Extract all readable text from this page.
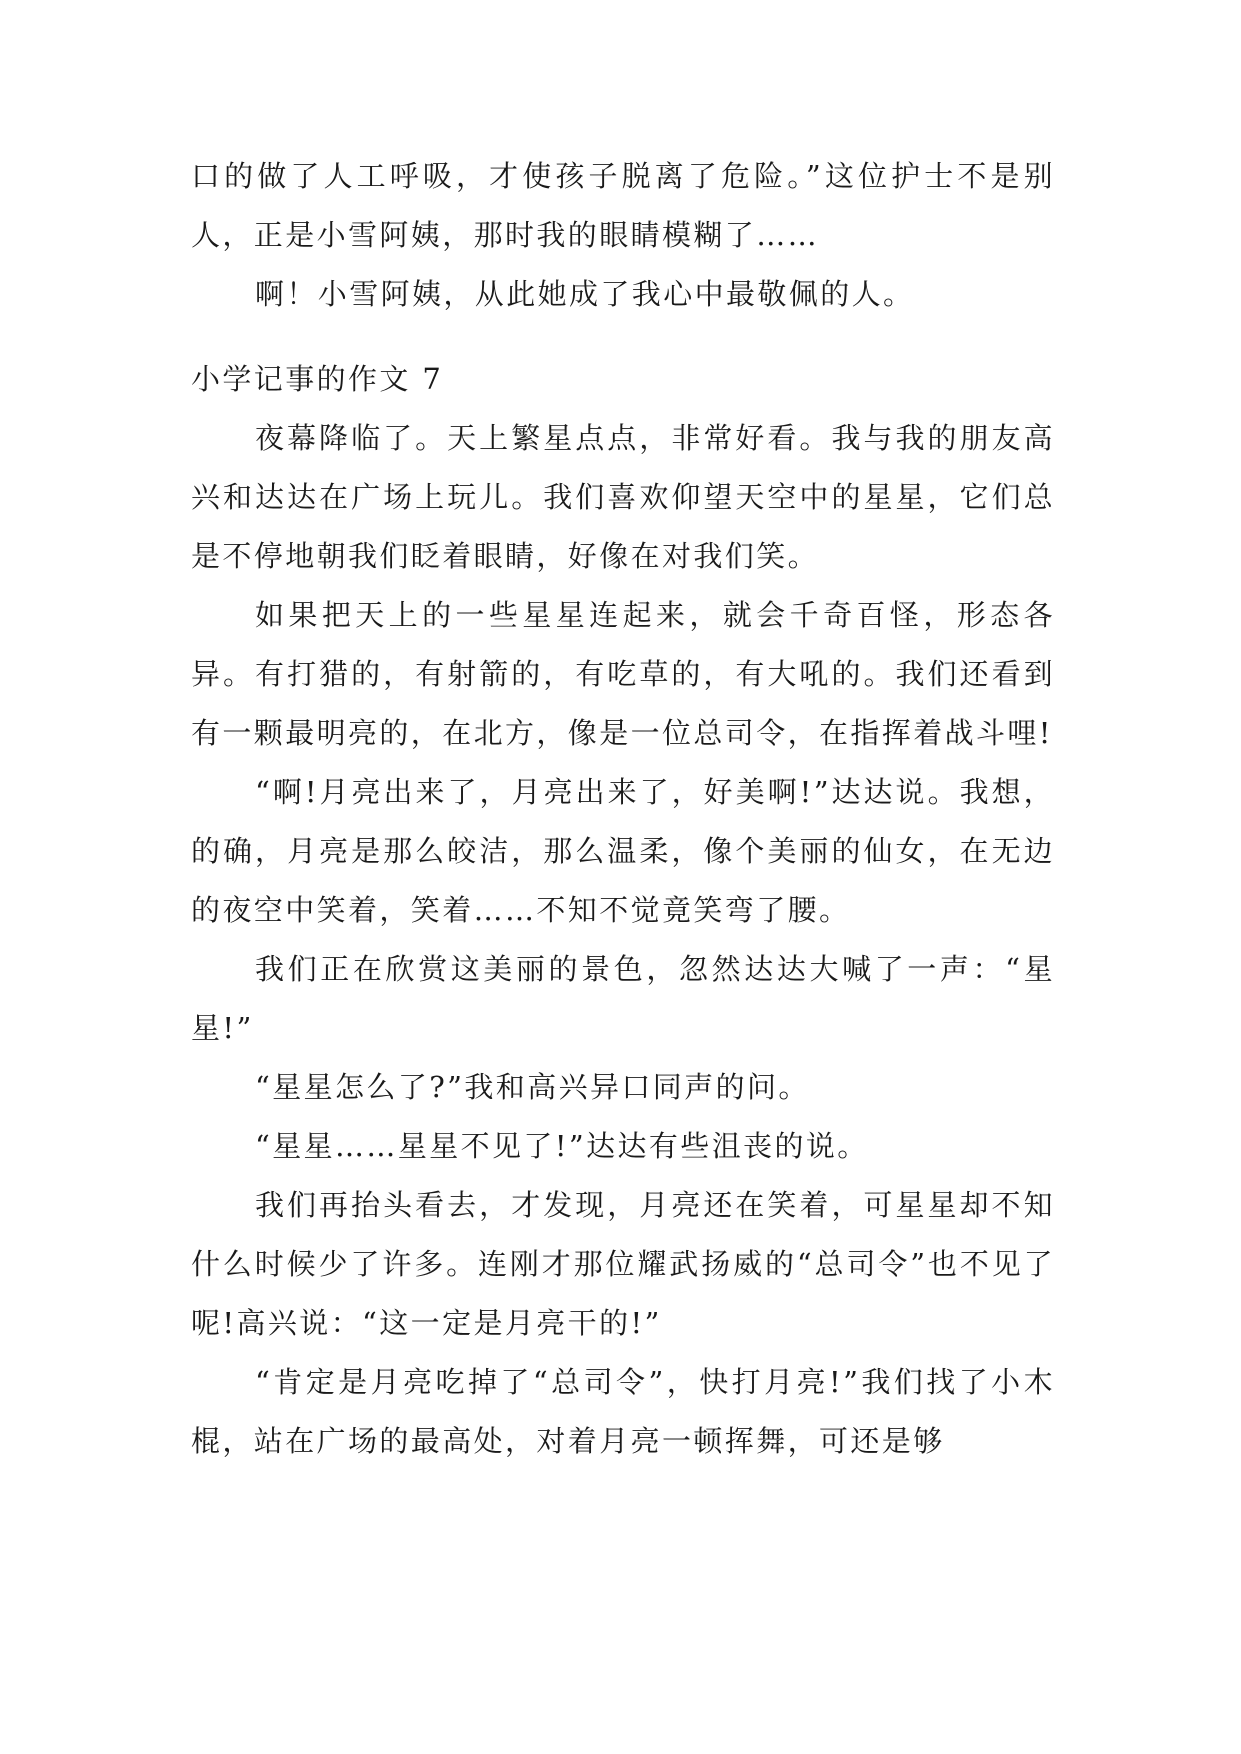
口的做了人工呼吸，才使孩子脱离了危险。”这位护士不是别人，正是小雪阿姨，那时我的眼睛模糊了……

啊！小雪阿姨，从此她成了我心中最敬佩的人。

小学记事的作文 7

夜幕降临了。天上繁星点点，非常好看。我与我的朋友高兴和达达在广场上玩儿。我们喜欢仰望天空中的星星，它们总是不停地朝我们眨着眼睛，好像在对我们笑。

如果把天上的一些星星连起来，就会千奇百怪，形态各异。有打猎的，有射箭的，有吃草的，有大吼的。我们还看到有一颗最明亮的，在北方，像是一位总司令，在指挥着战斗哩!

“啊!月亮出来了，月亮出来了，好美啊!”达达说。我想，的确，月亮是那么皎洁，那么温柔，像个美丽的仙女，在无边的夜空中笑着，笑着……不知不觉竟笑弯了腰。

我们正在欣赏这美丽的景色，忽然达达大喊了一声：“星星!”

“星星怎么了?”我和高兴异口同声的问。

“星星……星星不见了!”达达有些沮丧的说。

我们再抬头看去，才发现，月亮还在笑着，可星星却不知什么时候少了许多。连刚才那位耀武扬威的“总司令”也不见了呢!高兴说：“这一定是月亮干的!”

“肯定是月亮吃掉了“总司令”，快打月亮!”我们找了小木棍，站在广场的最高处，对着月亮一顿挥舞，可还是够
